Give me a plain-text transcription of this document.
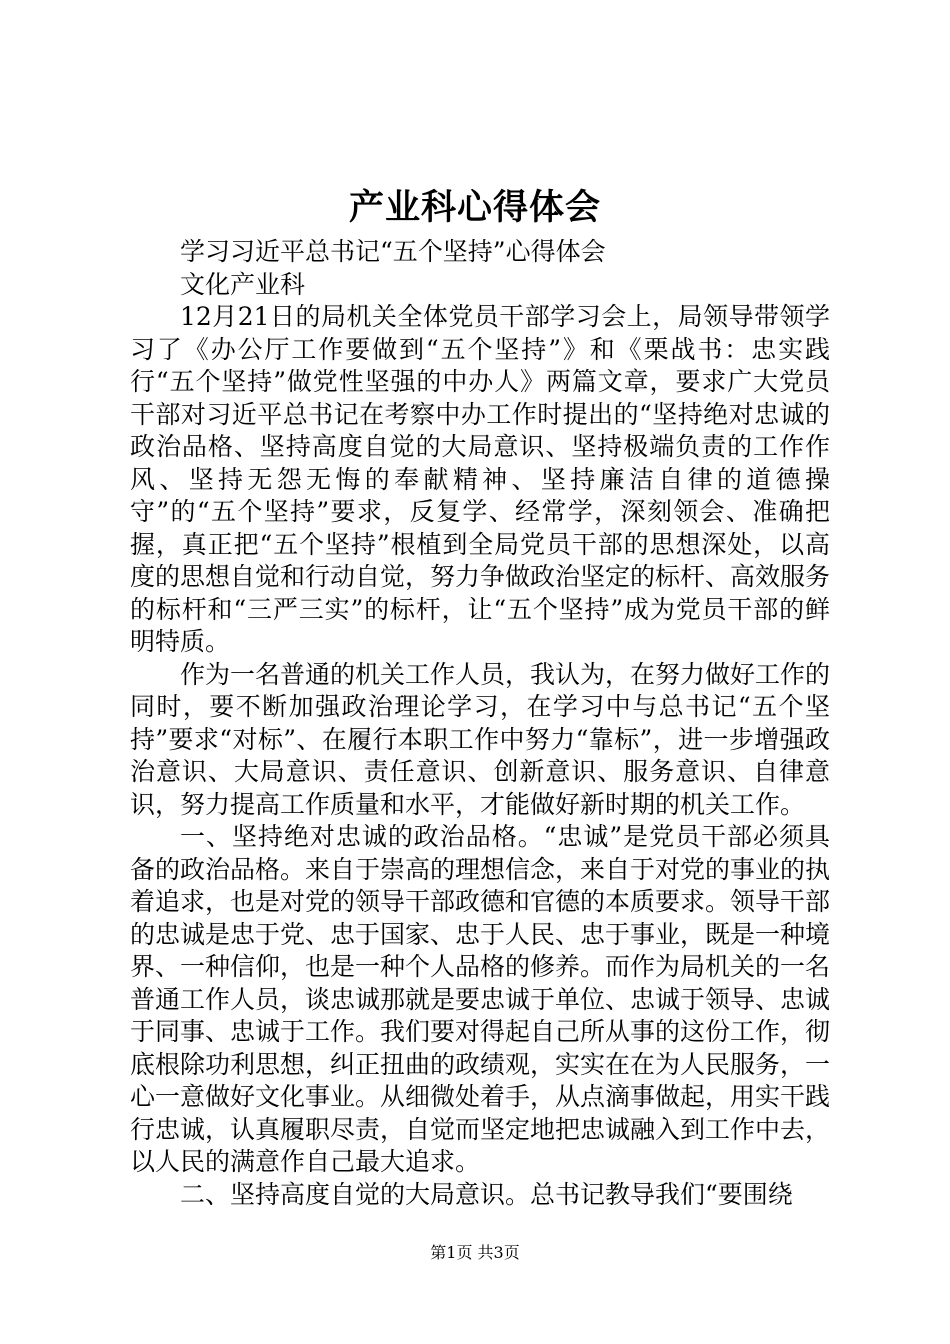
产业科心得体会

学习习近平总书记“五个坚持”心得体会

文化产业科

12月21日的局机关全体党员干部学习会上，局领导带领学习了《办公厅工作要做到“五个坚持”》和《栗战书：忠实践行“五个坚持”做党性坚强的中办人》两篇文章，要求广大党员干部对习近平总书记在考察中办工作时提出的“坚持绝对忠诚的政治品格、坚持高度自觉的大局意识、坚持极端负责的工作作风、坚持无怨无悔的奉献精神、坚持廉洁自律的道德操守”的“五个坚持”要求，反复学、经常学，深刻领会、准确把握，真正把“五个坚持”根植到全局党员干部的思想深处，以高度的思想自觉和行动自觉，努力争做政治坚定的标杆、高效服务的标杆和“三严三实”的标杆，让“五个坚持”成为党员干部的鲜明特质。

作为一名普通的机关工作人员，我认为，在努力做好工作的同时，要不断加强政治理论学习，在学习中与总书记“五个坚持”要求“对标”、在履行本职工作中努力“靠标”，进一步增强政治意识、大局意识、责任意识、创新意识、服务意识、自律意识，努力提高工作质量和水平，才能做好新时期的机关工作。

一、坚持绝对忠诚的政治品格。“忠诚”是党员干部必须具备的政治品格。来自于崇高的理想信念，来自于对党的事业的执着追求，也是对党的领导干部政德和官德的本质要求。领导干部的忠诚是忠于党、忠于国家、忠于人民、忠于事业，既是一种境界、一种信仰，也是一种个人品格的修养。而作为局机关的一名普通工作人员，谈忠诚那就是要忠诚于单位、忠诚于领导、忠诚于同事、忠诚于工作。我们要对得起自己所从事的这份工作，彻底根除功利思想，纠正扭曲的政绩观，实实在在为人民服务，一心一意做好文化事业。从细微处着手，从点滴事做起，用实干践行忠诚，认真履职尽责，自觉而坚定地把忠诚融入到工作中去，以人民的满意作自己最大追求。

二、坚持高度自觉的大局意识。总书记教导我们“要围绕

第1页 共3页
